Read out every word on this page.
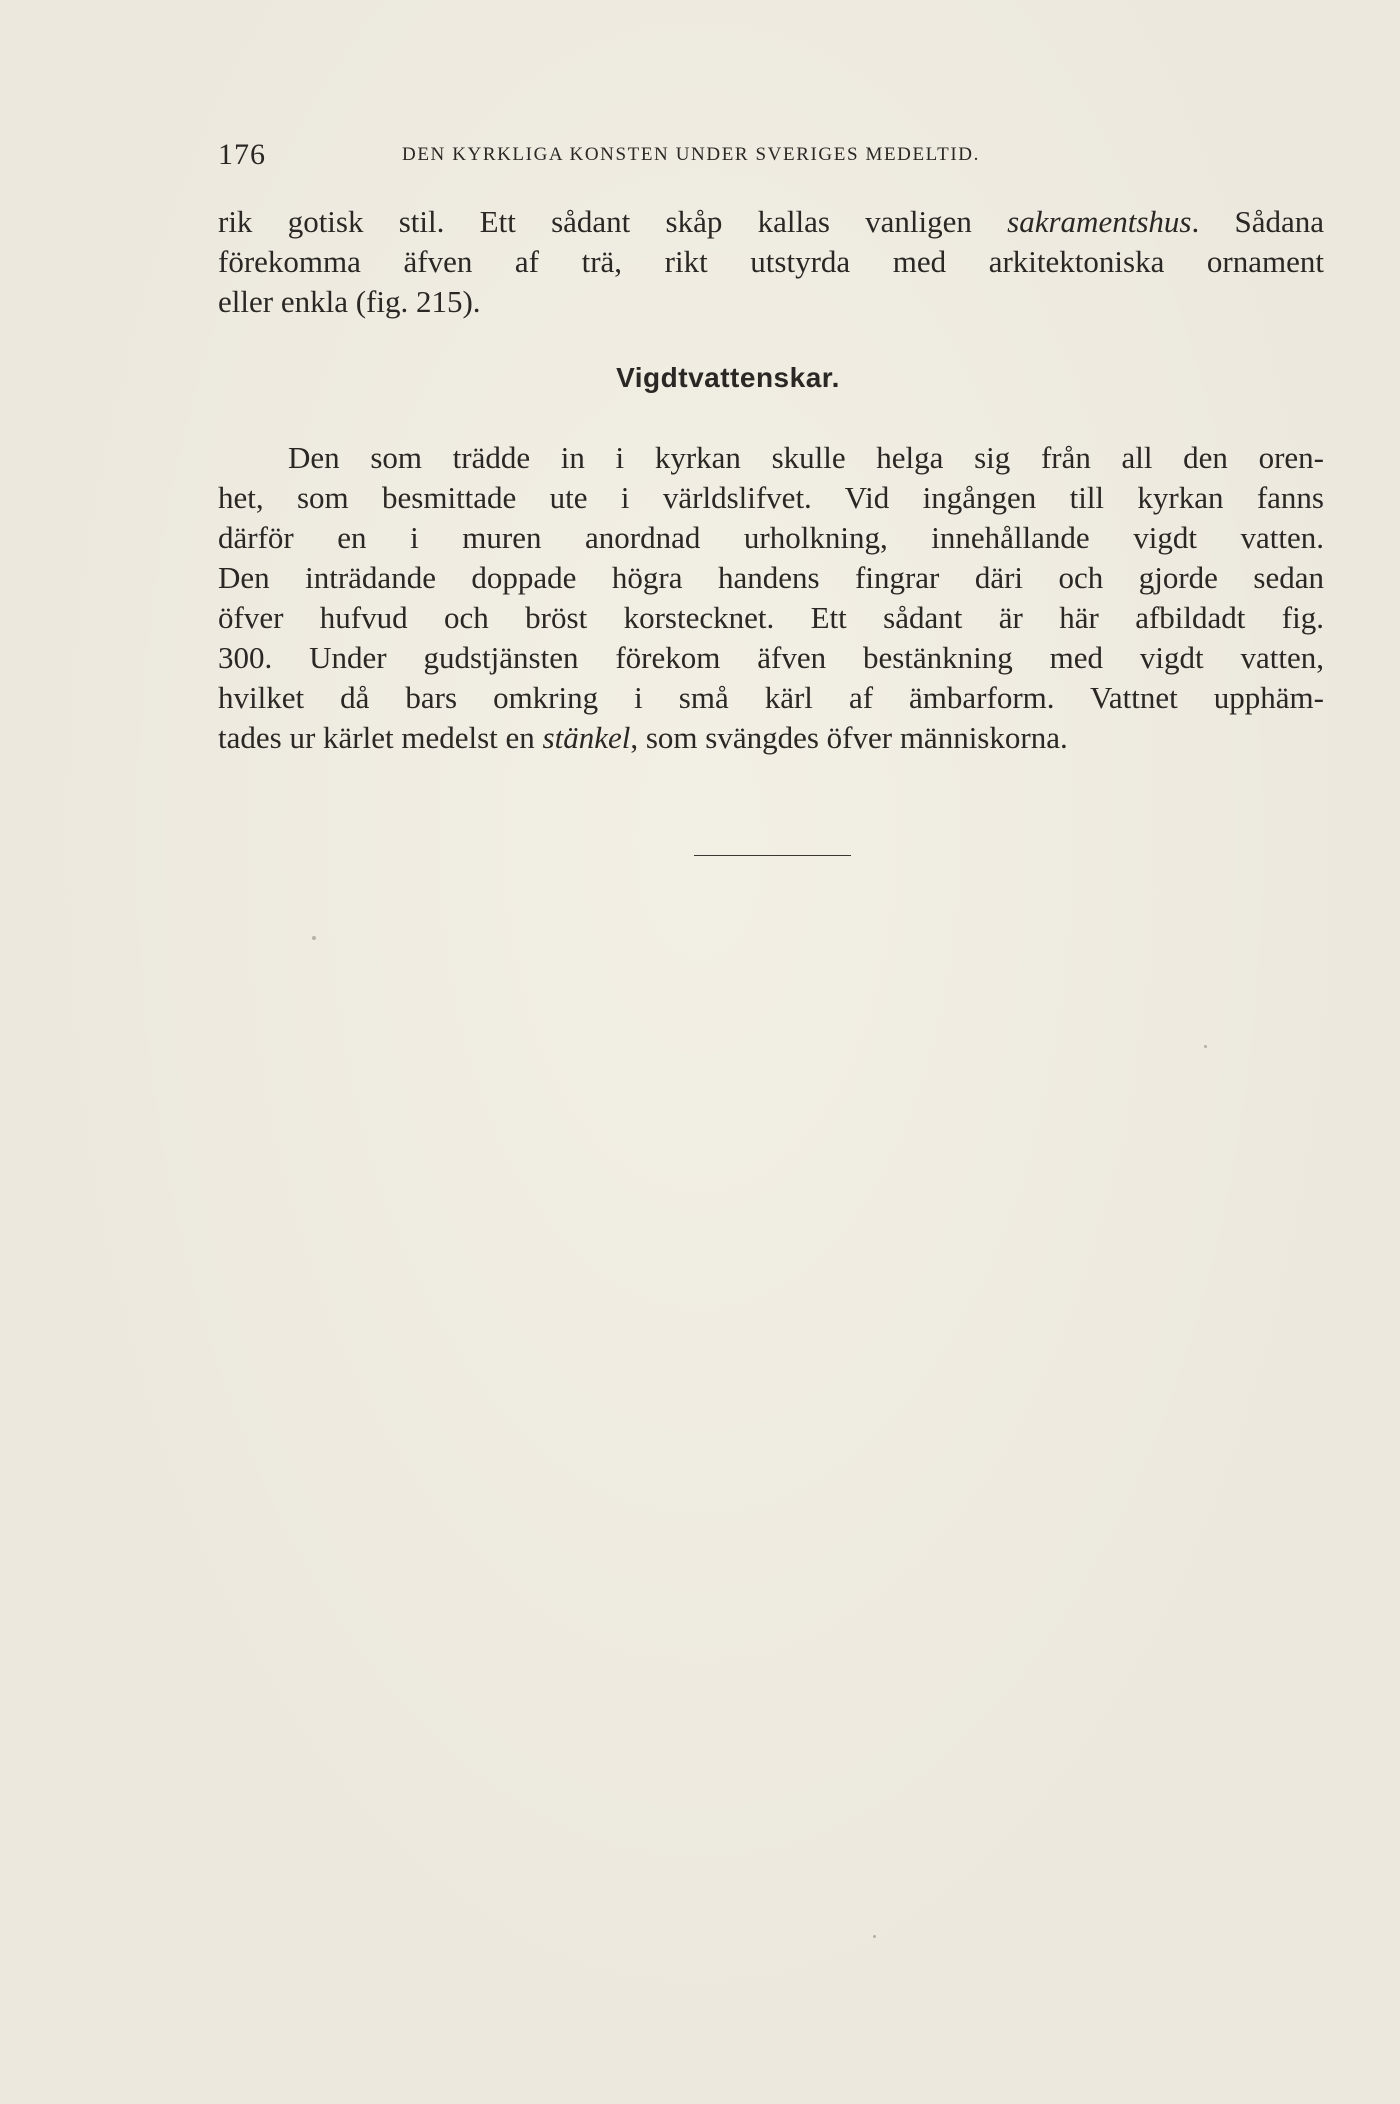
176	DEN KYRKLIGA KONSTEN UNDER SVERIGES MEDELTID.
rik gotisk stil. Ett sådant skåp kallas vanligen sakramentshus. Sådana
förekomma äfven af trä, rikt utstyrda med arkitektoniska ornament
eller enkla (fig. 215).
Vigdtvattenskar.
Den som trädde in i kyrkan skulle helga sig från all den oren-
het, som besmittade ute i världslifvet. Vid ingången till kyrkan fanns
därför en i muren anordnad urholkning, innehållande vigdt vatten.
Den inträdande doppade högra handens fingrar däri och gjorde sedan
öfver hufvud och bröst korstecknet. Ett sådant är här afbildadt fig.
300. Under gudstjänsten förekom äfven bestänkning med vigdt vatten,
hvilket då bars omkring i små kärl af ämbarform. Vattnet upphäm-
tades ur kärlet medelst en stänkel, som svängdes öfver människorna.
